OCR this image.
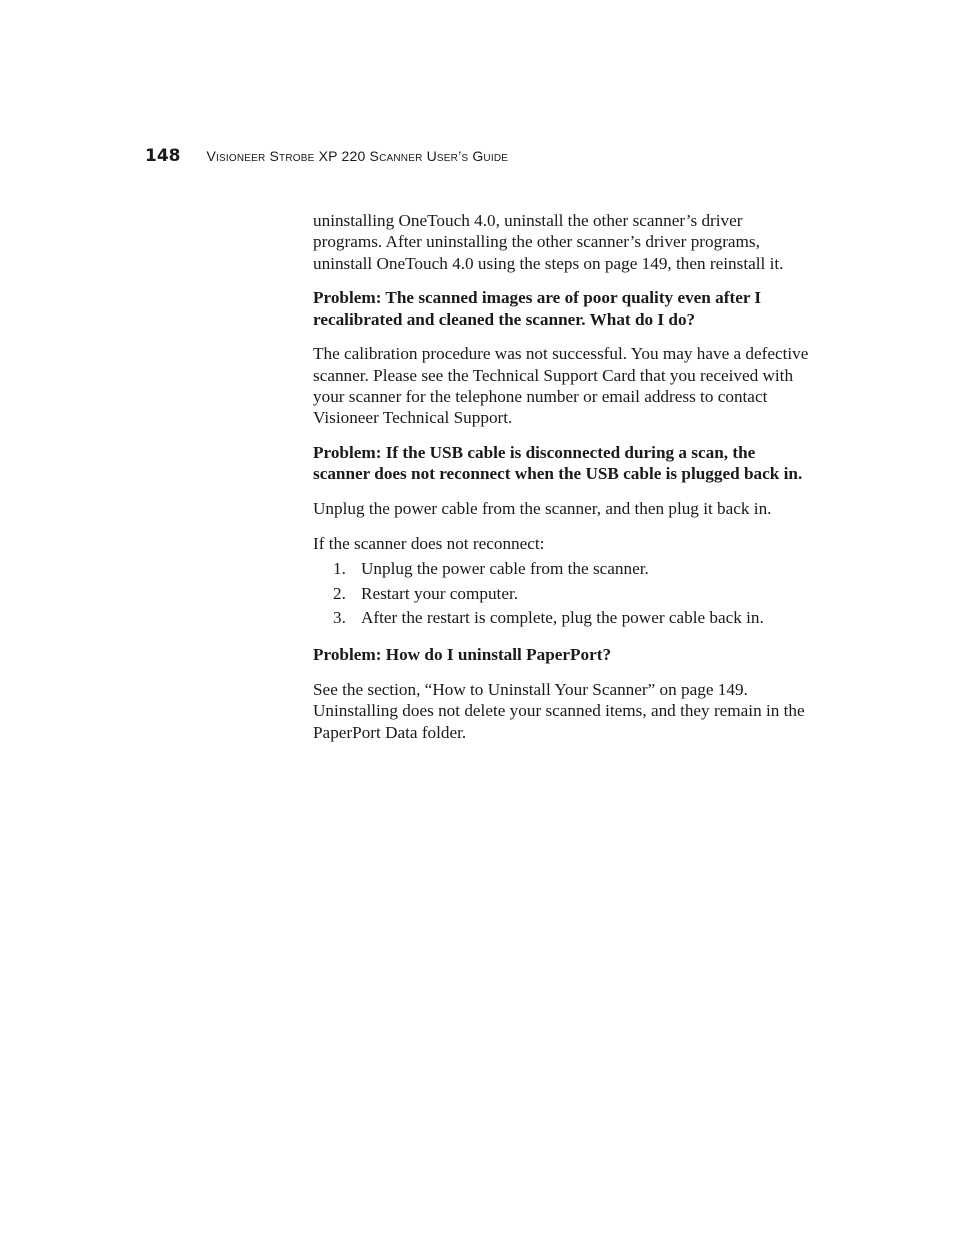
148 Visioneer Strobe XP 220 Scanner User’s Guide

uninstalling OneTouch 4.0, uninstall the other scanner’s driver programs. After uninstalling the other scanner’s driver programs, uninstall OneTouch 4.0 using the steps on page 149, then reinstall it.

Problem: The scanned images are of poor quality even after I recalibrated and cleaned the scanner. What do I do?

The calibration procedure was not successful. You may have a defective scanner. Please see the Technical Support Card that you received with your scanner for the telephone number or email address to contact Visioneer Technical Support.

Problem: If the USB cable is disconnected during a scan, the scanner does not reconnect when the USB cable is plugged back in.

Unplug the power cable from the scanner, and then plug it back in.

If the scanner does not reconnect:

1. Unplug the power cable from the scanner.
2. Restart your computer.
3. After the restart is complete, plug the power cable back in.

Problem: How do I uninstall PaperPort?

See the section, “How to Uninstall Your Scanner” on page 149. Uninstalling does not delete your scanned items, and they remain in the PaperPort Data folder.
